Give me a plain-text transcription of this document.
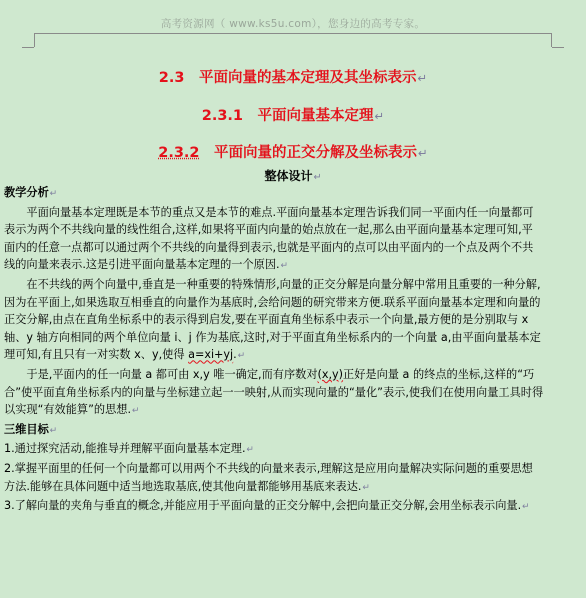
高考资源网（ www.ks5u.com），您身边的高考专家。
2.3　平面向量的基本定理及其坐标表示↵
2.3.1　平面向量基本定理↵
2.3.2　平面向量的正交分解及坐标表示↵
整体设计↵

教学分析↵

平面向量基本定理既是本节的重点又是本节的难点.平面向量基本定理告诉我们同一平面内任一向量都可表示为两个不共线向量的线性组合,这样,如果将平面内向量的始点放在一起,那么由平面向量基本定理可知,平面内的任意一点都可以通过两个不共线的向量得到表示,也就是平面内的点可以由平面内的一个点及两个不共线的向量来表示.这是引进平面向量基本定理的一个原因.↵

在不共线的两个向量中,垂直是一种重要的特殊情形,向量的正交分解是向量分解中常用且重要的一种分解,因为在平面上,如果选取互相垂直的向量作为基底时,会给问题的研究带来方便.联系平面向量基本定理和向量的正交分解,由点在直角坐标系中的表示得到启发,要在平面直角坐标系中表示一个向量,最方便的是分别取与 x 轴、y 轴方向相同的两个单位向量 i、j 作为基底,这时,对于平面直角坐标系内的一个向量 a,由平面向量基本定理可知,有且只有一对实数 x、y,使得 a=xi+yj.↵

于是,平面内的任一向量 a 都可由 x,y 唯一确定,而有序数对(x,y)正好是向量 a 的终点的坐标,这样的“巧合”使平面直角坐标系内的向量与坐标建立起一一映射,从而实现向量的“量化”表示,使我们在使用向量工具时得以实现“有效能算”的思想.↵

三维目标↵

1.通过探究活动,能推导并理解平面向量基本定理.↵

2.掌握平面里的任何一个向量都可以用两个不共线的向量来表示,理解这是应用向量解决实际问题的重要思想方法.能够在具体问题中适当地选取基底,使其他向量都能够用基底来表达.↵

3.了解向量的夹角与垂直的概念,并能应用于平面向量的正交分解中,会把向量正交分解,会用坐标表示向量.↵
